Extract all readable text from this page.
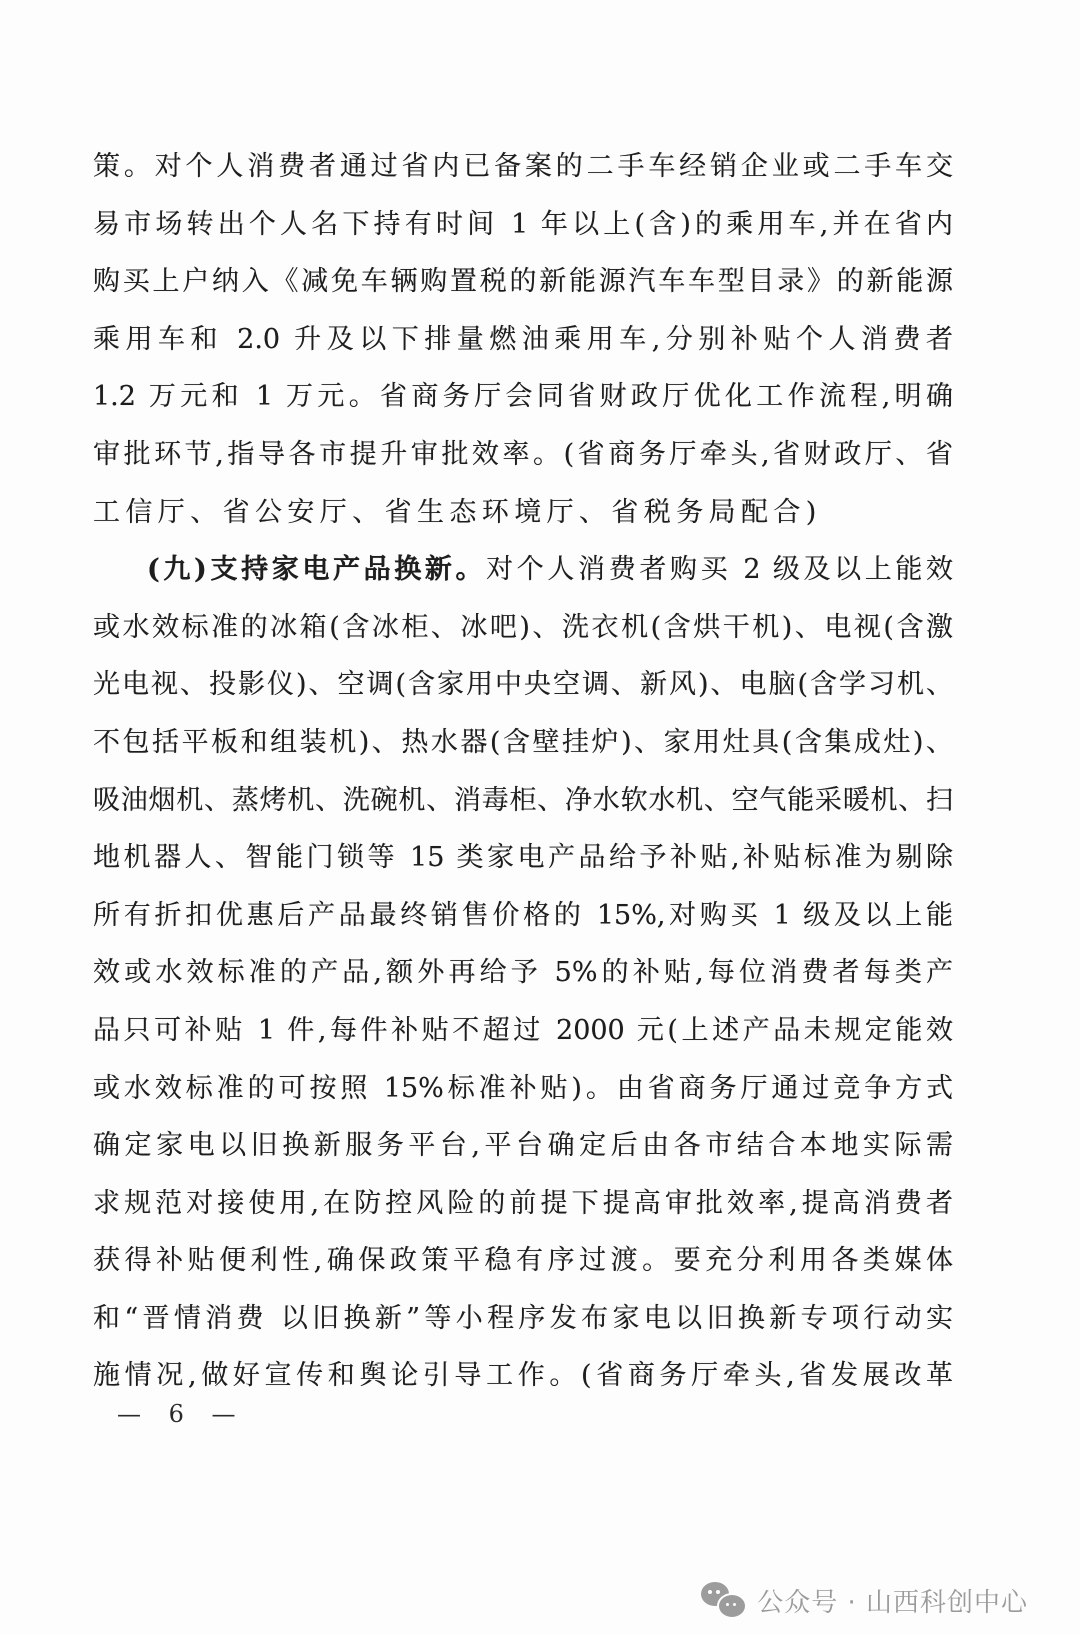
策。对个人消费者通过省内已备案的二手车经销企业或二手车交
易市场转出个人名下持有时间 1 年以上(含)的乘用车,并在省内
购买上户纳入《减免车辆购置税的新能源汽车车型目录》的新能源
乘用车和 2.0 升及以下排量燃油乘用车,分别补贴个人消费者
1.2 万元和 1 万元。省商务厅会同省财政厅优化工作流程,明确
审批环节,指导各市提升审批效率。(省商务厅牵头,省财政厅、省
工信厅、省公安厅、省生态环境厅、省税务局配合)
(九)支持家电产品换新。对个人消费者购买 2 级及以上能效
或水效标准的冰箱(含冰柜、冰吧)、洗衣机(含烘干机)、电视(含激
光电视、投影仪)、空调(含家用中央空调、新风)、电脑(含学习机、
不包括平板和组装机)、热水器(含壁挂炉)、家用灶具(含集成灶)、
吸油烟机、蒸烤机、洗碗机、消毒柜、净水软水机、空气能采暖机、扫
地机器人、智能门锁等 15 类家电产品给予补贴,补贴标准为剔除
所有折扣优惠后产品最终销售价格的 15%,对购买 1 级及以上能
效或水效标准的产品,额外再给予 5%的补贴,每位消费者每类产
品只可补贴 1 件,每件补贴不超过 2000 元(上述产品未规定能效
或水效标准的可按照 15%标准补贴)。由省商务厅通过竞争方式
确定家电以旧换新服务平台,平台确定后由各市结合本地实际需
求规范对接使用,在防控风险的前提下提高审批效率,提高消费者
获得补贴便利性,确保政策平稳有序过渡。要充分利用各类媒体
和“晋情消费 以旧换新”等小程序发布家电以旧换新专项行动实
施情况,做好宣传和舆论引导工作。(省商务厅牵头,省发展改革
— 6 —
公众号 · 山西科创中心
